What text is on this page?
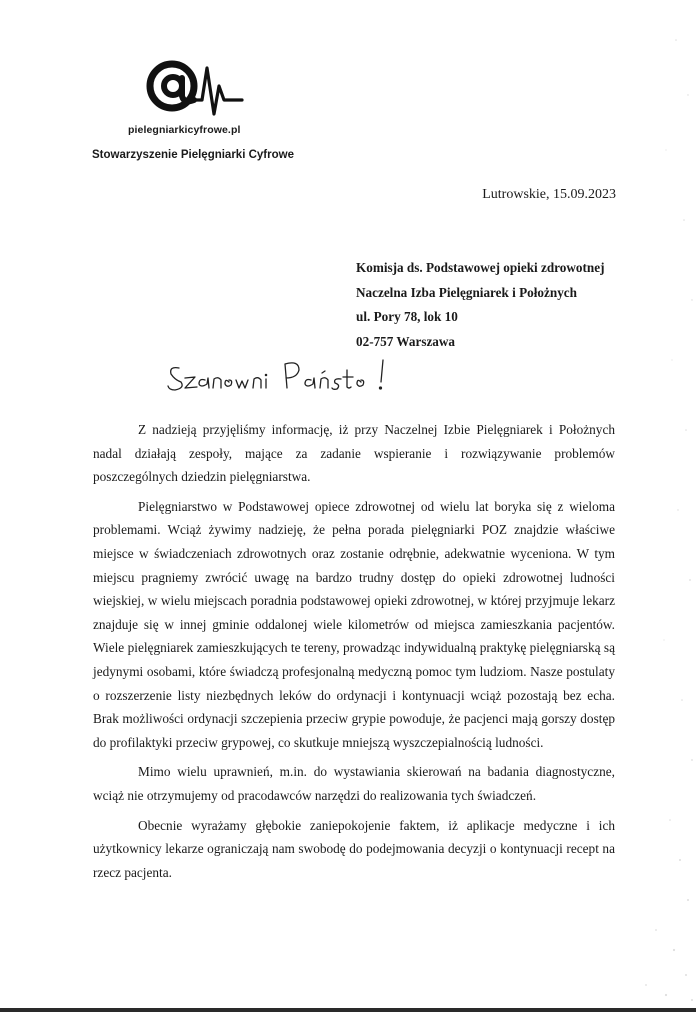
pielegniarkicyfrowe.pl
Stowarzyszenie Pielęgniarki Cyfrowe
Lutrowskie, 15.09.2023
Komisja ds. Podstawowej opieki zdrowotnej
Naczelna Izba Pielęgniarek i Położnych
ul. Pory 78, lok 10
02-757 Warszawa

Z nadzieją przyjęliśmy informację, iż przy Naczelnej Izbie Pielęgniarek i Położnych nadal działają zespoły, mające za zadanie wspieranie i rozwiązywanie problemów poszczególnych dziedzin pielęgniarstwa.

Pielęgniarstwo w Podstawowej opiece zdrowotnej od wielu lat boryka się z wieloma problemami. Wciąż żywimy nadzieję, że pełna porada pielęgniarki POZ znajdzie właściwe miejsce w świadczeniach zdrowotnych oraz zostanie odrębnie, adekwatnie wyceniona. W tym miejscu pragniemy zwrócić uwagę na bardzo trudny dostęp do opieki zdrowotnej ludności wiejskiej, w wielu miejscach poradnia podstawowej opieki zdrowotnej, w której przyjmuje lekarz znajduje się w innej gminie oddalonej wiele kilometrów od miejsca zamieszkania pacjentów. Wiele pielęgniarek zamieszkujących te tereny, prowadząc indywidualną praktykę pielęgniarską są jedynymi osobami, które świadczą profesjonalną medyczną pomoc tym ludziom. Nasze postulaty o rozszerzenie listy niezbędnych leków do ordynacji i kontynuacji wciąż pozostają bez echa. Brak możliwości ordynacji szczepienia przeciw grypie powoduje, że pacjenci mają gorszy dostęp do profilaktyki przeciw grypowej, co skutkuje mniejszą wyszczepialnością ludności.

Mimo wielu uprawnień, m.in. do wystawiania skierowań na badania diagnostyczne, wciąż nie otrzymujemy od pracodawców narzędzi do realizowania tych świadczeń.

Obecnie wyrażamy głębokie zaniepokojenie faktem, iż aplikacje medyczne i ich użytkownicy lekarze ograniczają nam swobodę do podejmowania decyzji o kontynuacji recept na rzecz pacjenta.
